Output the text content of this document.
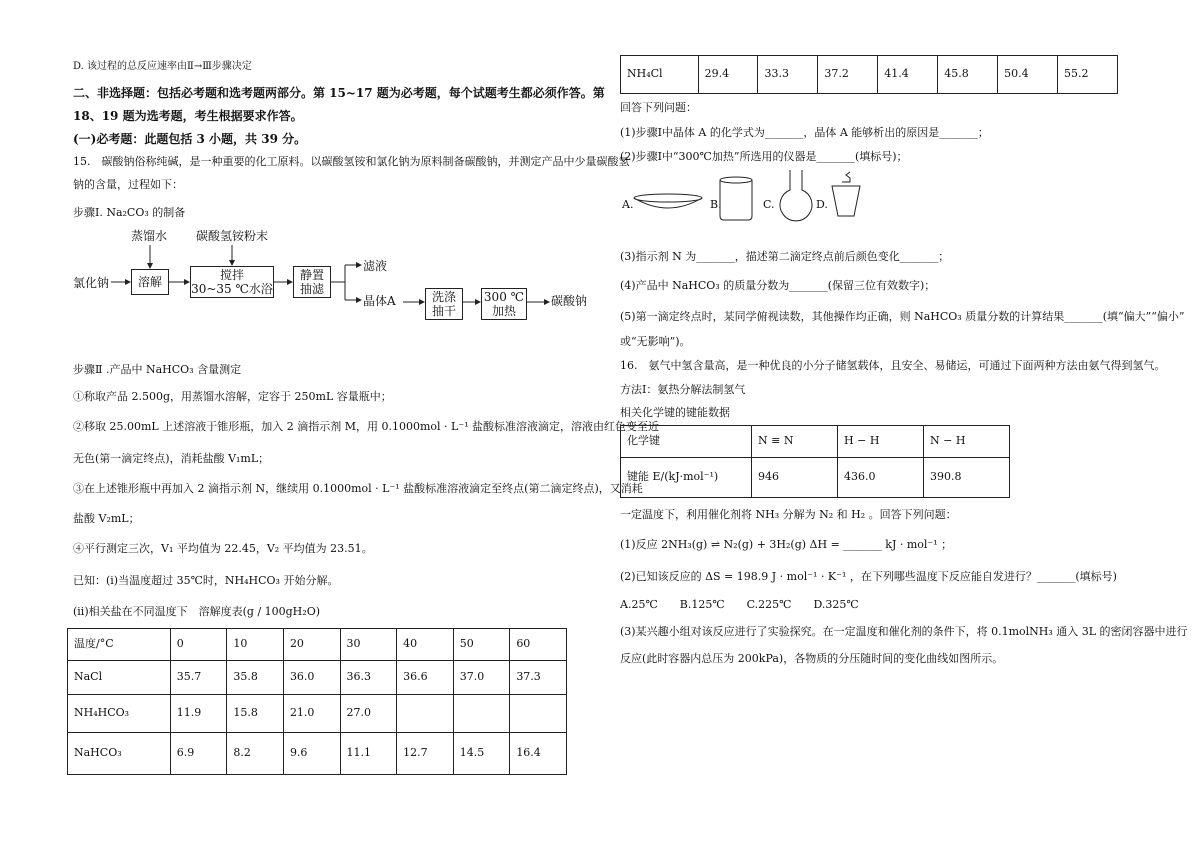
D. 该过程的总反应速率由Ⅱ→Ⅲ步骤决定
二、非选择题：包括必考题和选考题两部分。第 15~17 题为必考题，每个试题考生都必须作答。第
18、19 题为选考题，考生根据要求作答。
(一)必考题：此题包括 3 小题，共 39 分。
15.　碳酸钠俗称纯碱，是一种重要的化工原料。以碳酸氢铵和氯化钠为原料制备碳酸钠，并测定产品中少量碳酸氢
钠的含量，过程如下：
步骤Ⅰ. Na₂CO₃ 的制备
蒸馏水 碳酸氢铵粉末
氯化钠	溶解
搅拌
30~35 ℃水浴
静置
抽滤
滤液
晶体A	洗涤
抽干
300 ℃
加热
碳酸钠
步骤Ⅱ .产品中 NaHCO₃ 含量测定
①称取产品 2.500g，用蒸馏水溶解，定容于 250mL 容量瓶中；
②移取 25.00mL 上述溶液于锥形瓶，加入 2 滴指示剂 M，用 0.1000mol · L⁻¹ 盐酸标准溶液滴定，溶液由红色变至近
无色(第一滴定终点)，消耗盐酸 V₁mL；
③在上述锥形瓶中再加入 2 滴指示剂 N，继续用 0.1000mol · L⁻¹ 盐酸标准溶液滴定至终点(第二滴定终点)，又消耗
盐酸 V₂mL；
④平行测定三次，V₁ 平均值为 22.45，V₂ 平均值为 23.51。
已知：(i)当温度超过 35℃时，NH₄HCO₃ 开始分解。
(ii)相关盐在不同温度下　溶解度表(g / 100gH₂O)
温度/°C	0	10	20	30	40	50	60
NaCl	35.7	35.8	36.0	36.3	36.6	37.0	37.3
NH₄HCO₃	11.9	15.8	21.0	27.0			
NaHCO₃	6.9	8.2	9.6	11.1	12.7	14.5	16.4
NH₄Cl	29.4	33.3	37.2	41.4	45.8	50.4	55.2
回答下列问题：
(1)步骤Ⅰ中晶体 A 的化学式为_______，晶体 A 能够析出的原因是_______；
(2)步骤Ⅰ中“300℃加热”所选用的仪器是_______(填标号)；
A.	B.	C.	D.
(3)指示剂 N 为_______，描述第二滴定终点前后颜色变化_______；
(4)产品中 NaHCO₃ 的质量分数为_______(保留三位有效数字)；
(5)第一滴定终点时，某同学俯视读数，其他操作均正确，则 NaHCO₃ 质量分数的计算结果_______(填“偏大”“偏小”
或“无影响”)。
16.　氨气中氢含量高，是一种优良的小分子储氢载体，且安全、易储运，可通过下面两种方法由氨气得到氢气。
方法Ⅰ：氨热分解法制氢气
相关化学键的键能数据
化学键	N ≡ N	H − H	N − H
键能 E/(kJ·mol⁻¹)	946	436.0	390.8
一定温度下，利用催化剂将 NH₃ 分解为 N₂ 和 H₂ 。回答下列问题：
(1)反应 2NH₃(g) ⇌ N₂(g) + 3H₂(g) ΔH = _______ kJ · mol⁻¹ ；
(2)已知该反应的 ΔS = 198.9 J · mol⁻¹ · K⁻¹ ，在下列哪些温度下反应能自发进行？_______(填标号)
A.25℃　　B.125℃　　C.225℃　　D.325℃
(3)某兴趣小组对该反应进行了实验探究。在一定温度和催化剂的条件下，将 0.1molNH₃ 通入 3L 的密闭容器中进行
反应(此时容器内总压为 200kPa)，各物质的分压随时间的变化曲线如图所示。
